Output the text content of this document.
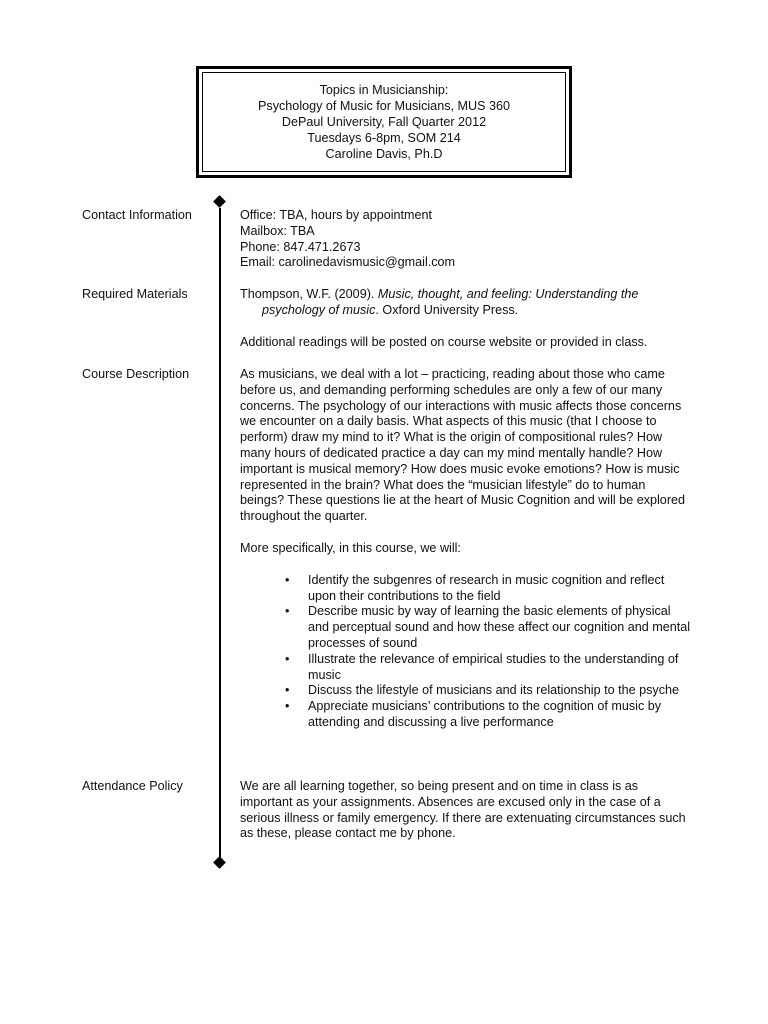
Topics in Musicianship:
Psychology of Music for Musicians, MUS 360
DePaul University, Fall Quarter 2012
Tuesdays 6-8pm, SOM 214
Caroline Davis, Ph.D
Contact Information	Office: TBA, hours by appointment
Mailbox: TBA
Phone: 847.471.2673
Email: carolinedavismusic@gmail.com
Required Materials	Thompson, W.F. (2009). Music, thought, and feeling: Understanding the psychology of music. Oxford University Press.
Additional readings will be posted on course website or provided in class.
Course Description	As musicians, we deal with a lot – practicing, reading about those who came before us, and demanding performing schedules are only a few of our many concerns. The psychology of our interactions with music affects those concerns we encounter on a daily basis. What aspects of this music (that I choose to perform) draw my mind to it? What is the origin of compositional rules? How many hours of dedicated practice a day can my mind mentally handle? How important is musical memory? How does music evoke emotions? How is music represented in the brain? What does the “musician lifestyle” do to human beings? These questions lie at the heart of Music Cognition and will be explored throughout the quarter.
More specifically, in this course, we will:
• Identify the subgenres of research in music cognition and reflect upon their contributions to the field
• Describe music by way of learning the basic elements of physical and perceptual sound and how these affect our cognition and mental processes of sound
• Illustrate the relevance of empirical studies to the understanding of music
• Discuss the lifestyle of musicians and its relationship to the psyche
• Appreciate musicians’ contributions to the cognition of music by attending and discussing a live performance
Attendance Policy	We are all learning together, so being present and on time in class is as important as your assignments. Absences are excused only in the case of a serious illness or family emergency. If there are extenuating circumstances such as these, please contact me by phone.
